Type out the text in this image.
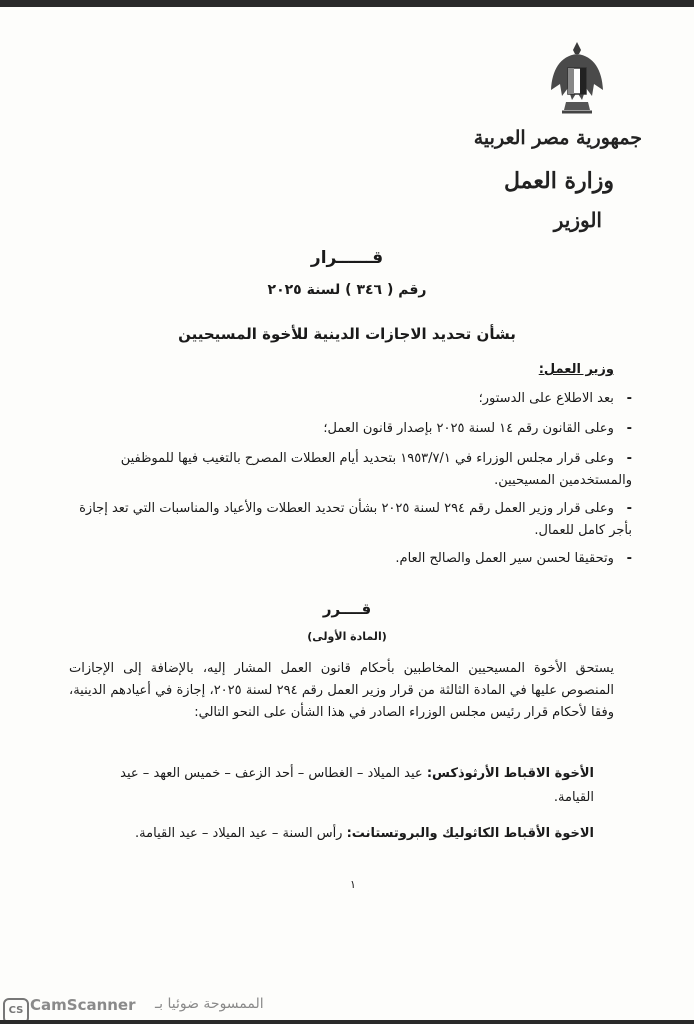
جمهورية مصر العربية
وزارة العمل
الوزير
قــــــرار
رقم ( ٣٤٦ ) لسنة ٢٠٢٥
بشأن تحديد الاجازات الدينية للأخوة المسيحيين
وزير العمل:
- بعد الاطلاع على الدستور؛
- وعلى القانون رقم ١٤ لسنة ٢٠٢٥ بإصدار قانون العمل؛
- وعلى قرار مجلس الوزراء في ١٩٥٣/٧/١ بتحديد أيام العطلات المصرح بالتغيب فيها للموظفين والمستخدمين المسيحيين.
- وعلى قرار وزير العمل رقم ٢٩٤ لسنة ٢٠٢٥ بشأن تحديد العطلات والأعياد والمناسبات التي تعد إجازة بأجر كامل للعمال.
- وتحقيقا لحسن سير العمل والصالح العام.
قــــرر
(المادة الأولى)
يستحق الأخوة المسيحيين المخاطبين بأحكام قانون العمل المشار إليه، بالإضافة إلى الإجازات المنصوص عليها في المادة الثالثة من قرار وزير العمل رقم ٢٩٤ لسنة ٢٠٢٥، إجازة في أعيادهم الدينية، وفقا لأحكام قرار رئيس مجلس الوزراء الصادر في هذا الشأن على النحو التالي:
الأخوة الاقباط الأرثوذكس: عيد الميلاد – الغطاس – أحد الزعف – خميس العهد – عيد القيامة.
الاخوة الأقباط الكاثوليك والبروتستانت: رأس السنة – عيد الميلاد – عيد القيامة.
١
CS CamScanner الممسوحة ضوئيا بـ
